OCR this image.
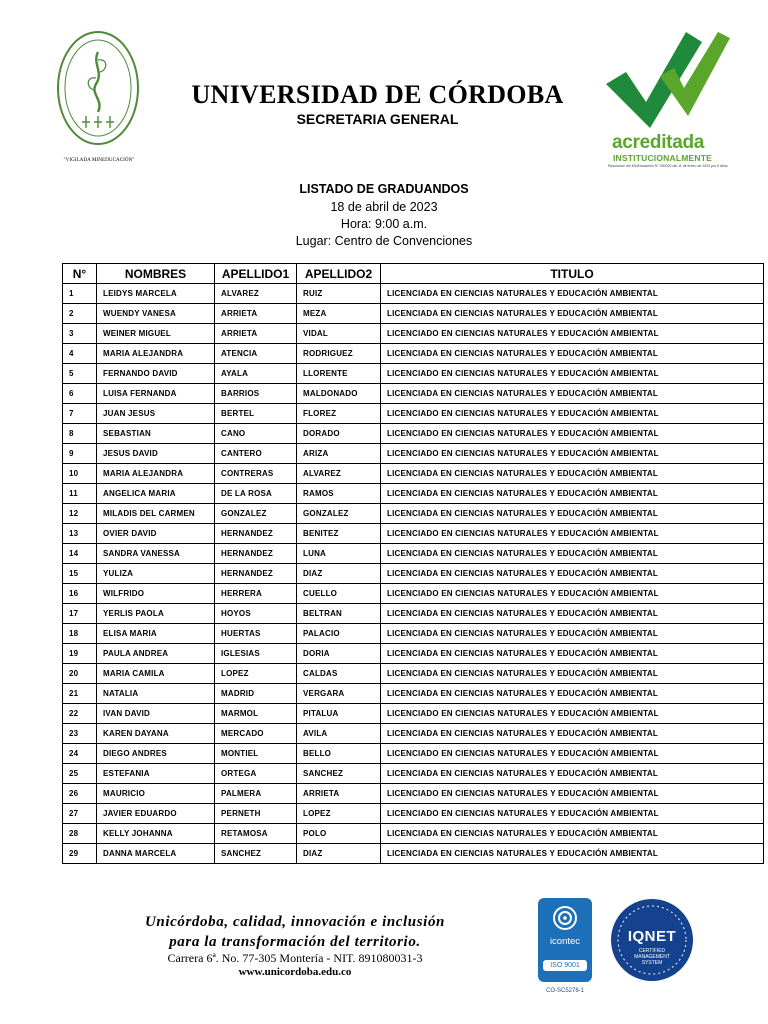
"VIGILADA MINEDUCACIÓN"
UNIVERSIDAD DE CÓRDOBA
SECRETARIA GENERAL
acreditada
INSTITUCIONALMENTE
Resolución del MinEducación N° 000020 del 11 de enero de 2023 por 6 años
LISTADO DE GRADUANDOS
18 de abril de 2023
Hora: 9:00 a.m.
Lugar: Centro de Convenciones
N°	NOMBRES	APELLIDO1	APELLIDO2	TITULO
1	LEIDYS MARCELA	ALVAREZ	RUIZ	LICENCIADA EN CIENCIAS NATURALES Y EDUCACIÓN AMBIENTAL
2	WUENDY VANESA	ARRIETA	MEZA	LICENCIADA EN CIENCIAS NATURALES Y EDUCACIÓN AMBIENTAL
3	WEINER MIGUEL	ARRIETA	VIDAL	LICENCIADO EN CIENCIAS NATURALES Y EDUCACIÓN AMBIENTAL
4	MARIA ALEJANDRA	ATENCIA	RODRIGUEZ	LICENCIADA EN CIENCIAS NATURALES Y EDUCACIÓN AMBIENTAL
5	FERNANDO DAVID	AYALA	LLORENTE	LICENCIADO EN CIENCIAS NATURALES Y EDUCACIÓN AMBIENTAL
6	LUISA FERNANDA	BARRIOS	MALDONADO	LICENCIADA EN CIENCIAS NATURALES Y EDUCACIÓN AMBIENTAL
7	JUAN JESUS	BERTEL	FLOREZ	LICENCIADO EN CIENCIAS NATURALES Y EDUCACIÓN AMBIENTAL
8	SEBASTIAN	CANO	DORADO	LICENCIADO EN CIENCIAS NATURALES Y EDUCACIÓN AMBIENTAL
9	JESUS DAVID	CANTERO	ARIZA	LICENCIADO EN CIENCIAS NATURALES Y EDUCACIÓN AMBIENTAL
10	MARIA ALEJANDRA	CONTRERAS	ALVAREZ	LICENCIADA EN CIENCIAS NATURALES Y EDUCACIÓN AMBIENTAL
11	ANGELICA MARIA	DE LA ROSA	RAMOS	LICENCIADA EN CIENCIAS NATURALES Y EDUCACIÓN AMBIENTAL
12	MILADIS DEL CARMEN	GONZALEZ	GONZALEZ	LICENCIADA EN CIENCIAS NATURALES Y EDUCACIÓN AMBIENTAL
13	OVIER DAVID	HERNANDEZ	BENITEZ	LICENCIADO EN CIENCIAS NATURALES Y EDUCACIÓN AMBIENTAL
14	SANDRA VANESSA	HERNANDEZ	LUNA	LICENCIADA EN CIENCIAS NATURALES Y EDUCACIÓN AMBIENTAL
15	YULIZA	HERNANDEZ	DIAZ	LICENCIADA EN CIENCIAS NATURALES Y EDUCACIÓN AMBIENTAL
16	WILFRIDO	HERRERA	CUELLO	LICENCIADO EN CIENCIAS NATURALES Y EDUCACIÓN AMBIENTAL
17	YERLIS PAOLA	HOYOS	BELTRAN	LICENCIADA EN CIENCIAS NATURALES Y EDUCACIÓN AMBIENTAL
18	ELISA MARIA	HUERTAS	PALACIO	LICENCIADA EN CIENCIAS NATURALES Y EDUCACIÓN AMBIENTAL
19	PAULA ANDREA	IGLESIAS	DORIA	LICENCIADA EN CIENCIAS NATURALES Y EDUCACIÓN AMBIENTAL
20	MARIA CAMILA	LOPEZ	CALDAS	LICENCIADA EN CIENCIAS NATURALES Y EDUCACIÓN AMBIENTAL
21	NATALIA	MADRID	VERGARA	LICENCIADA EN CIENCIAS NATURALES Y EDUCACIÓN AMBIENTAL
22	IVAN DAVID	MARMOL	PITALUA	LICENCIADO EN CIENCIAS NATURALES Y EDUCACIÓN AMBIENTAL
23	KAREN DAYANA	MERCADO	AVILA	LICENCIADA EN CIENCIAS NATURALES Y EDUCACIÓN AMBIENTAL
24	DIEGO ANDRES	MONTIEL	BELLO	LICENCIADO EN CIENCIAS NATURALES Y EDUCACIÓN AMBIENTAL
25	ESTEFANIA	ORTEGA	SANCHEZ	LICENCIADA EN CIENCIAS NATURALES Y EDUCACIÓN AMBIENTAL
26	MAURICIO	PALMERA	ARRIETA	LICENCIADO EN CIENCIAS NATURALES Y EDUCACIÓN AMBIENTAL
27	JAVIER EDUARDO	PERNETH	LOPEZ	LICENCIADO EN CIENCIAS NATURALES Y EDUCACIÓN AMBIENTAL
28	KELLY JOHANNA	RETAMOSA	POLO	LICENCIADA EN CIENCIAS NATURALES Y EDUCACIÓN AMBIENTAL
29	DANNA MARCELA	SANCHEZ	DIAZ	LICENCIADA EN CIENCIAS NATURALES Y EDUCACIÓN AMBIENTAL
Unicórdoba, calidad, innovación e inclusión
para la transformación del territorio.
Carrera 6ª. No. 77-305 Montería - NIT. 891080031-3
www.unicordoba.edu.co
icontec
ISO 9001
CO-SC5278-1
IQNET
CERTIFIED
MANAGEMENT
SYSTEM
